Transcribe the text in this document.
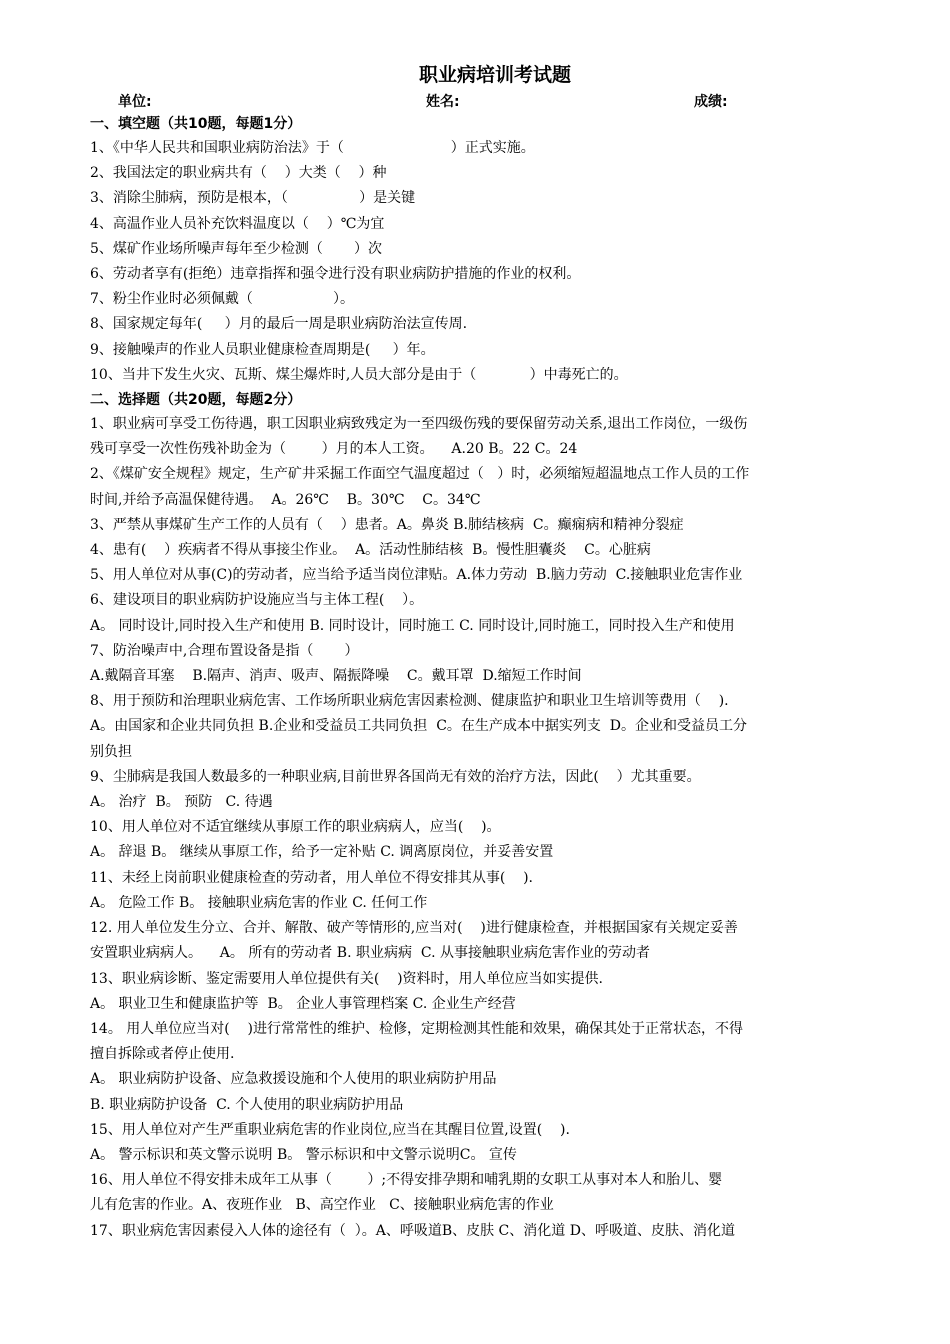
职业病培训考试题
单位:	姓名:	成绩:

一、填空题（共10题，每题1分）

1、《中华人民共和国职业病防治法》于（                        ）正式实施。

2、我国法定的职业病共有（    ）大类（    ）种

3、消除尘肺病，预防是根本，（                ）是关键

4、高温作业人员补充饮料温度以（    ）℃为宜

5、煤矿作业场所噪声每年至少检测（       ）次

6、劳动者享有(拒绝）违章指挥和强令进行没有职业病防护措施的作业的权利。

7、粉尘作业时必须佩戴（                  ）。

8、国家规定每年(     ）月的最后一周是职业病防治法宣传周.

9、接触噪声的作业人员职业健康检查周期是(     ）年。

10、当井下发生火灾、瓦斯、煤尘爆炸时,人员大部分是由于（            ）中毒死亡的。

二、选择题（共20题，每题2分）

1、职业病可享受工伤待遇，职工因职业病致残定为一至四级伤残的要保留劳动关系,退出工作岗位，一级伤

残可享受一次性伤残补助金为（        ）月的本人工资。    A.20 B。22 C。24

2、《煤矿安全规程》规定，生产矿井采掘工作面空气温度超过（   ）时，必须缩短超温地点工作人员的工作

时间,并给予高温保健待遇。  A。26℃    B。30℃    C。34℃

3、严禁从事煤矿生产工作的人员有（    ）患者。A。鼻炎 B.肺结核病  C。癫痫病和精神分裂症

4、患有(    ）疾病者不得从事接尘作业。  A。活动性肺结核  B。慢性胆囊炎    C。心脏病

5、用人单位对从事(C)的劳动者，应当给予适当岗位津贴。A.体力劳动  B.脑力劳动  C.接触职业危害作业

6、建设项目的职业病防护设施应当与主体工程(    ）。

A。 同时设计,同时投入生产和使用 B. 同时设计，同时施工 C. 同时设计,同时施工，同时投入生产和使用

7、防治噪声中,合理布置设备是指（       ）

A.戴隔音耳塞    B.隔声、消声、吸声、隔振降噪    C。戴耳罩  D.缩短工作时间

8、用于预防和治理职业病危害、工作场所职业病危害因素检测、健康监护和职业卫生培训等费用（    ).

A。由国家和企业共同负担 B.企业和受益员工共同负担  C。在生产成本中据实列支  D。企业和受益员工分

别负担

9、尘肺病是我国人数最多的一种职业病,目前世界各国尚无有效的治疗方法，因此(    ）尤其重要。

A。 治疗  B。 预防   C. 待遇

10、用人单位对不适宜继续从事原工作的职业病病人，应当(    )。

A。 辞退 B。 继续从事原工作，给予一定补贴 C. 调离原岗位，并妥善安置

11、未经上岗前职业健康检查的劳动者，用人单位不得安排其从事(    ).

A。 危险工作 B。 接触职业病危害的作业 C. 任何工作

12. 用人单位发生分立、合并、解散、破产等情形的,应当对(    )进行健康检查，并根据国家有关规定妥善

安置职业病病人。    A。 所有的劳动者 B. 职业病病  C. 从事接触职业病危害作业的劳动者

13、职业病诊断、鉴定需要用人单位提供有关(    )资料时，用人单位应当如实提供.

A。 职业卫生和健康监护等  B。 企业人事管理档案 C. 企业生产经营

14。 用人单位应当对(    )进行常常性的维护、检修，定期检测其性能和效果，确保其处于正常状态，不得

擅自拆除或者停止使用.

A。 职业病防护设备、应急救援设施和个人使用的职业病防护用品

B. 职业病防护设备  C. 个人使用的职业病防护用品

15、用人单位对产生严重职业病危害的作业岗位,应当在其醒目位置,设置(    ).

A。 警示标识和英文警示说明 B。 警示标识和中文警示说明C。 宣传

16、用人单位不得安排未成年工从事（        ）;不得安排孕期和哺乳期的女职工从事对本人和胎儿、婴

儿有危害的作业。A、夜班作业   B、高空作业   C、接触职业病危害的作业

17、职业病危害因素侵入人体的途径有（  ）。A、呼吸道B、皮肤 C、消化道 D、呼吸道、皮肤、消化道
